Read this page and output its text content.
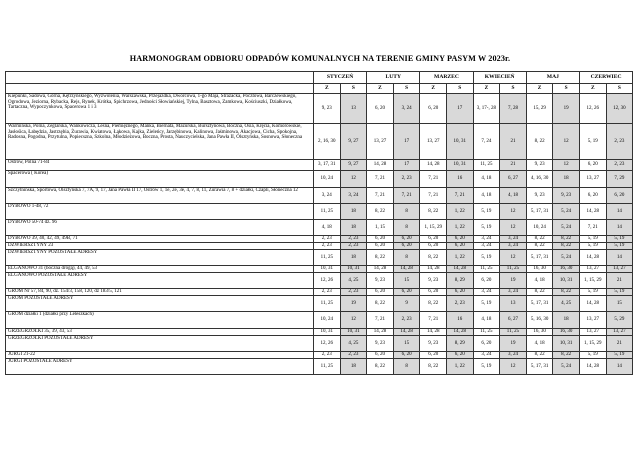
HARMONOGRAM ODBIORU ODPADÓW KOMUNALNYCH NA TERENIE GMINY PASYM W 2023r.
	STYCZEŃ		LUTY		MARZEC		KWIECIEŃ		MAJ		CZERWIEC	
	Z	S	Z	S	Z	S	Z	S	Z	S	Z	S
Kiepunki, Sadowa, Górna, Kętrzyńskiego, Wyzwolenia, Warszawska, Przejazdka, Dworcowa, 1-go Maja, Strażacka, Pocztowa, Barczewskiego, Ogrodowa, Jeziorna, Rybacka, Rejs, Rynek, Krótka, Spichrzowa, Jedności Słowiańskiej, Tylna, Basztowa, Zamkowa, Kościuszki, Działkowa, Tartaczna, Wypoczynkowa, Spacerowa 1 i 3	9, 23	13	6, 20	3, 24	6, 20	17	3, 17-, 28	7, 28	15, 29	19	12, 26	12, 30
Warmińska, Polna, Żeglarska, Wańkowicza, Leśna, Piemiężnego, Mańka, Biernata, Mazurska, Bursztynowa, Boczna, Osia, Kręcia, Komorowskie, Jasłośica, Łabędzia, Jastrzębia, Żurawia, Kwiatowa, Łąkowa, Kajka, Zieleńcy, Jarzębinowa, Kalinowa, Jaśminowa, Akacjowa, Cicha, Spokojna, Radosna, Pogodna, Przytulna, Popiecszna, Szkolna, Młodzieżowa, Boczna, Prosta, Nauczycielska, Jana Pawła II, Olsztyńska, Sosnowa, Słoneczna	2, 16, 30	9, 27	13, 27	17	13, 27	10, 31	7, 24	21	8, 22	12	5, 19	2, 23
Ostrów, Polna 71-84	3, 17, 31	9, 27	14, 28	17	14, 28	10, 31	11, 25	21	9, 23	12	6, 20	2, 23
Spacerowa ( Korea)	10, 24	12	7, 21	2, 23	7, 21	16	4, 18	6, 27	4, 16, 30	18	13, 27	7, 29
Szczytnińska, Sportowa, Olsztyńska 7, 7A, 9, 17, Jana Pawła II 17, Ostrów 1, 1e, 2e, 3e, 4, 7, 8, 11, Żurawia 7, 8 + działki, Czapli, Słoneczna 12	3, 24	3, 24	7, 21	7, 21	7, 21	7, 21	4, 18	4, 18	9, 23	9, 23	6, 20	6, 20
DYBOWO 1-48, 72	11, 25	18	8, 22	8	8, 22	1, 22	5, 19	12	5, 17, 31	5, 24	14, 28	14
DYBOWO 50-74 dz. 96	4, 18	18	1, 15	8	1, 15, 29	1, 22	5, 19	12	10, 24	5, 24	7, 21	14
DYBOWO 39, 40, 42, 49, 49B, 71	2, 23	2, 23	6, 20	6, 20	6, 20	6, 20	3, 24	3, 24	8, 22	8, 22	5, 19	5, 19
DZWIERSZTYNY 23	2, 23	2, 23	6, 20	6, 20	6, 20	6, 20	3, 24	3, 24	8, 22	8, 22	5, 19	5, 19
DZWIERSZTYNY POZOSTAŁE ADRESY	11, 25	18	8, 22	8	8, 22	1, 22	5, 19	12	5, 17, 31	5, 24	14, 28	14
ELGANOWO 31 (boczna drogą), 44, 49, 53	10, 31	10, 31	14, 28	14, 28	14, 28	14, 28	11, 25	11, 25	16, 30	16, 30	13, 27	13, 27
ELGANOWO POZOSTAŁE ADRESY	12, 26	4, 25	9, 23	15	9, 23	8, 29	6, 20	19	4, 18	10, 31	1, 15, 29	21
GROM Nr 57, 84, 90, dz. 154/3, 158, 120, dz 183/5, 121	2, 23	2, 23	6, 20	6, 20	6, 20	6, 20	3, 24	3, 24	8, 22	8, 22	5, 19	5, 19
GROM POZOSTAŁE ADRESY	11, 25	19	8, 22	9	8, 22	2, 23	5, 19	13	5, 17, 31	4, 25	14, 28	15
GROM działki 1 (działki przy Leleszkach)	10, 24	12	7, 21	2, 23	7, 21	16	4, 18	6, 27	5, 16, 30	18	13, 27	5, 29
GRZEGRZÓŁKI 35, 39, 43, 53	10, 31	10, 31	14, 28	14, 28	14, 28	14, 28	11, 25	11, 25	16, 30	16, 30	13, 27	13, 27
GRZEGRZÓŁKI POZOSTAŁE ADRESY	12, 26	4, 25	9, 23	15	9, 23	8, 29	6, 20	19	4, 18	10, 31	1, 15, 29	21
JURGI 21-22	2, 23	2, 23	6, 20	6, 20	6, 20	6, 20	3, 24	3, 24	8, 22	8, 22	5, 19	5, 19
JURGI POZOSTAŁE ADRESY	11, 25	18	8, 22	8	8, 22	1, 22	5, 19	12	5, 17, 31	5, 24	14, 28	14
